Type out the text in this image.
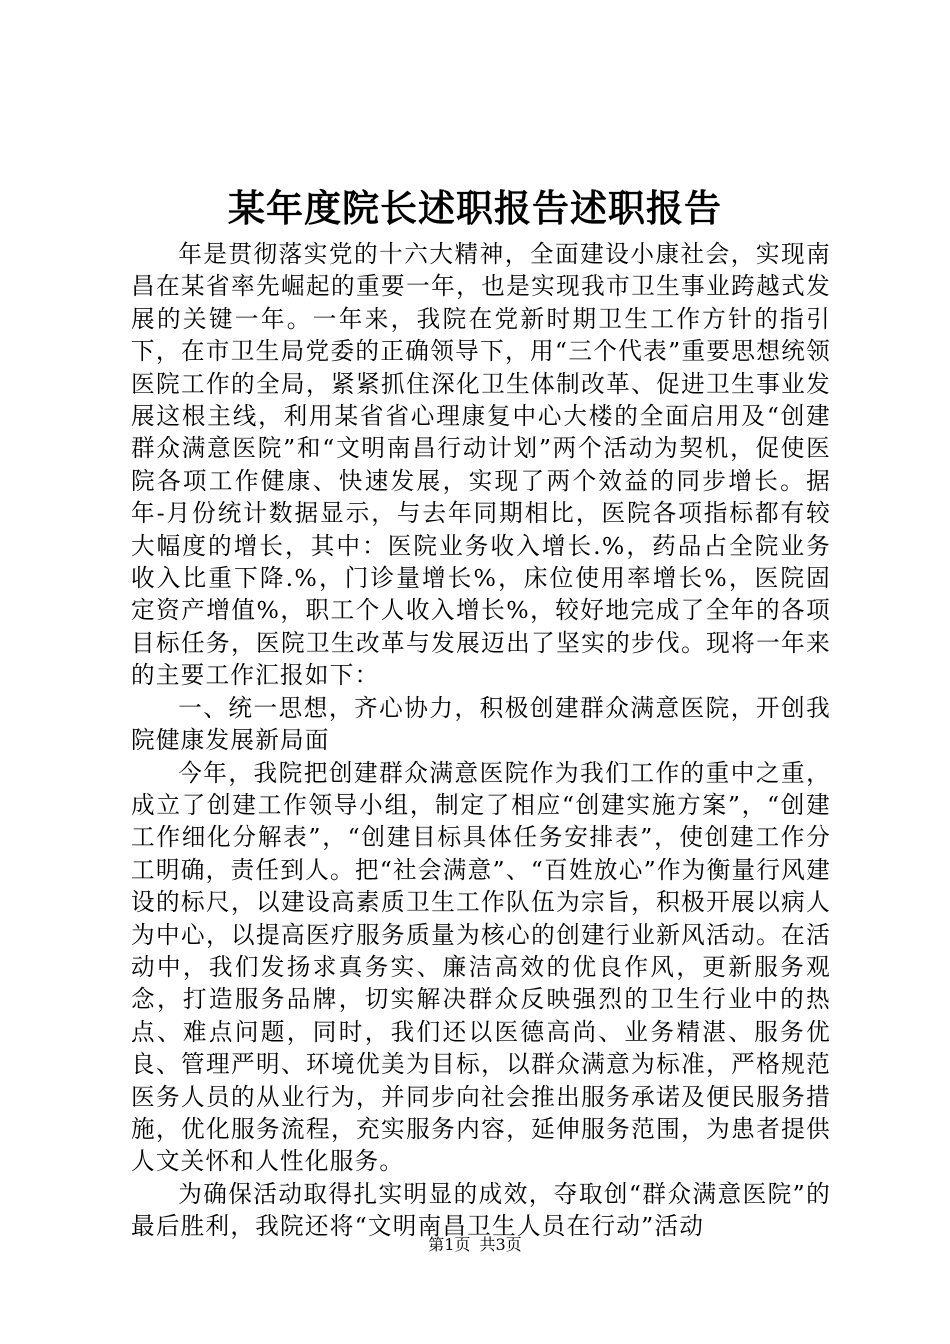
某年度院长述职报告述职报告

年是贯彻落实党的十六大精神，全面建设小康社会，实现南昌在某省率先崛起的重要一年，也是实现我市卫生事业跨越式发展的关键一年。一年来，我院在党新时期卫生工作方针的指引下，在市卫生局党委的正确领导下，用“三个代表”重要思想统领医院工作的全局，紧紧抓住深化卫生体制改革、促进卫生事业发展这根主线，利用某省省心理康复中心大楼的全面启用及“创建群众满意医院”和“文明南昌行动计划”两个活动为契机，促使医院各项工作健康、快速发展，实现了两个效益的同步增长。据年-月份统计数据显示，与去年同期相比，医院各项指标都有较大幅度的增长，其中：医院业务收入增长.%，药品占全院业务收入比重下降.%，门诊量增长%，床位使用率增长%，医院固定资产增值%，职工个人收入增长%，较好地完成了全年的各项目标任务，医院卫生改革与发展迈出了坚实的步伐。现将一年来的主要工作汇报如下：

一、统一思想，齐心协力，积极创建群众满意医院，开创我院健康发展新局面

今年，我院把创建群众满意医院作为我们工作的重中之重，成立了创建工作领导小组，制定了相应“创建实施方案”，“创建工作细化分解表”，“创建目标具体任务安排表”，使创建工作分工明确，责任到人。把“社会满意”、“百姓放心”作为衡量行风建设的标尺，以建设高素质卫生工作队伍为宗旨，积极开展以病人为中心，以提高医疗服务质量为核心的创建行业新风活动。在活动中，我们发扬求真务实、廉洁高效的优良作风，更新服务观念，打造服务品牌，切实解决群众反映强烈的卫生行业中的热点、难点问题，同时，我们还以医德高尚、业务精湛、服务优良、管理严明、环境优美为目标，以群众满意为标准，严格规范医务人员的从业行为，并同步向社会推出服务承诺及便民服务措施，优化服务流程，充实服务内容，延伸服务范围，为患者提供人文关怀和人性化服务。

为确保活动取得扎实明显的成效，夺取创“群众满意医院”的最后胜利，我院还将“文明南昌卫生人员在行动”活动

第1页 共3页
